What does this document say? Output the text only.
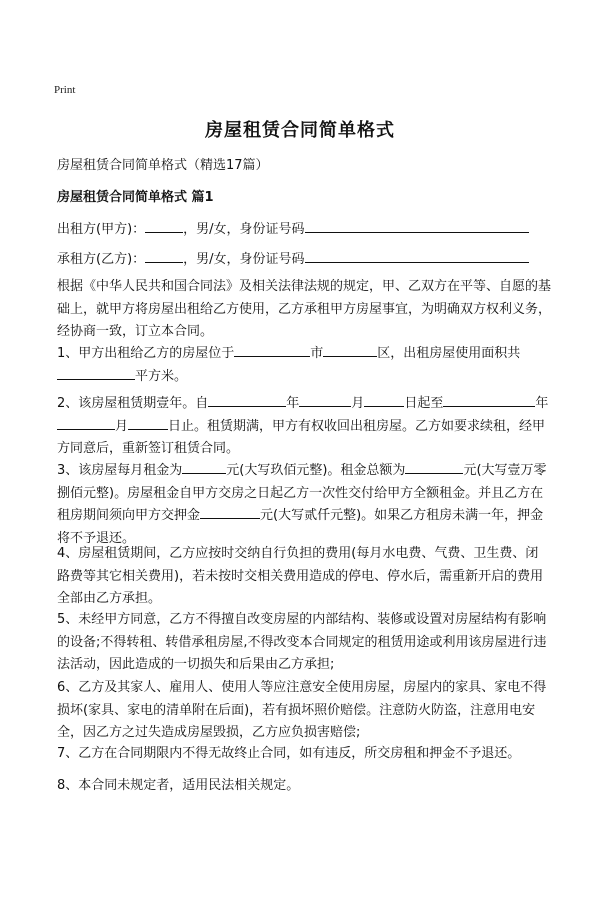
Print
房屋租赁合同简单格式
房屋租赁合同简单格式（精选17篇）
房屋租赁合同简单格式 篇1
出租方(甲方)：	，男/女，身份证号码
承租方(乙方)：	，男/女，身份证号码
根据《中华人民共和国合同法》及相关法律法规的规定，甲、乙双方在平等、自愿的基础上，就甲方将房屋出租给乙方使用，乙方承租甲方房屋事宜，为明确双方权利义务，经协商一致，订立本合同。
1、甲方出租给乙方的房屋位于	市	区，出租房屋使用面积共平方米。
2、该房屋租赁期壹年。自	年	月	日起至	年月	日止。租赁期满，甲方有权收回出租房屋。乙方如要求续租，经甲方同意后，重新签订租赁合同。
3、该房屋每月租金为	元(大写玖佰元整)。租金总额为	元(大写壹万零捌佰元整)。房屋租金自甲方交房之日起乙方一次性交付给甲方全额租金。并且乙方在租房期间须向甲方交押金	元(大写贰仟元整)。如果乙方租房未满一年，押金将不予退还。
4、房屋租赁期间，乙方应按时交纳自行负担的费用(每月水电费、气费、卫生费、闭路费等其它相关费用)，若未按时交相关费用造成的停电、停水后，需重新开启的费用全部由乙方承担。
5、未经甲方同意，乙方不得擅自改变房屋的内部结构、装修或设置对房屋结构有影响的设备;不得转租、转借承租房屋,不得改变本合同规定的租赁用途或利用该房屋进行违法活动，因此造成的一切损失和后果由乙方承担;
6、乙方及其家人、雇用人、使用人等应注意安全使用房屋，房屋内的家具、家电不得损坏(家具、家电的清单附在后面)，若有损坏照价赔偿。注意防火防盗，注意用电安全，因乙方之过失造成房屋毁损，乙方应负损害赔偿;
7、乙方在合同期限内不得无故终止合同，如有违反，所交房租和押金不予退还。
8、本合同未规定者，适用民法相关规定。
